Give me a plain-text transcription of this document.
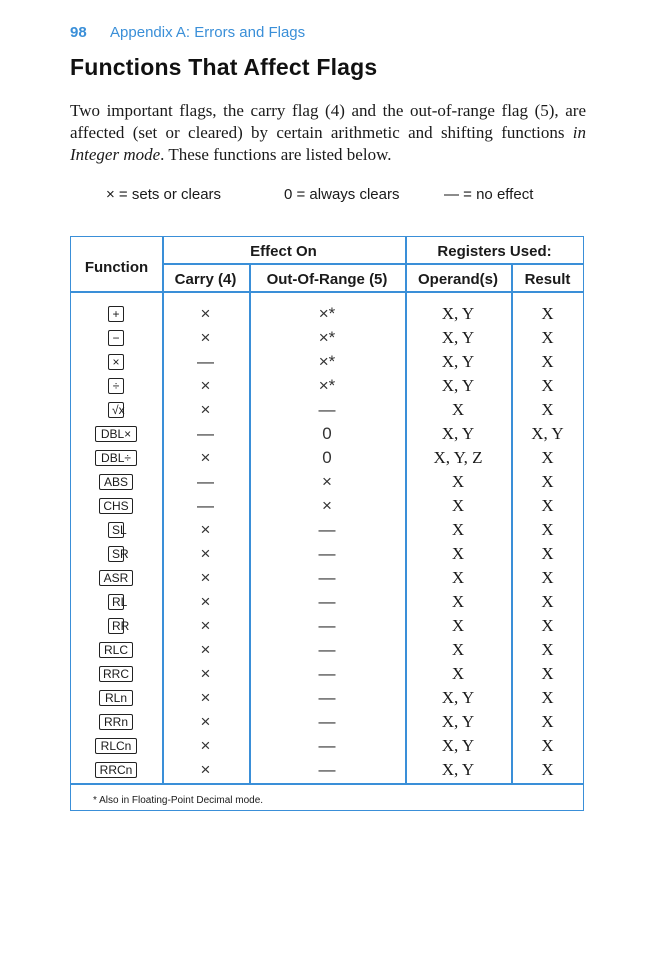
98 Appendix A: Errors and Flags
Functions That Affect Flags

Two important flags, the carry flag (4) and the out-of-range flag (5), are affected (set or cleared) by certain arithmetic and shifting functions in Integer mode. These functions are listed below.

× = sets or clears	0 = always clears	— = no effect
Function
Effect On
Carry (4)	Out-Of-Range (5)
Registers Used:
Operand(s)	Result
+	×	×*	X, Y	X
−	×	×*	X, Y	X
×	—	×*	X, Y	X
÷	×	×*	X, Y	X
√x	×	—	X	X
DBL×	—	0	X, Y	X, Y
DBL÷	×	0	X, Y, Z	X
ABS	—	×	X	X
CHS	—	×	X	X
SL	×	—	X	X
SR	×	—	X	X
ASR	×	—	X	X
RL	×	—	X	X
RR	×	—	X	X
RLC	×	—	X	X
RRC	×	—	X	X
RLn	×	—	X, Y	X
RRn	×	—	X, Y	X
RLCn	×	—	X, Y	X
RRCn	×	—	X, Y	X
* Also in Floating-Point Decimal mode.
